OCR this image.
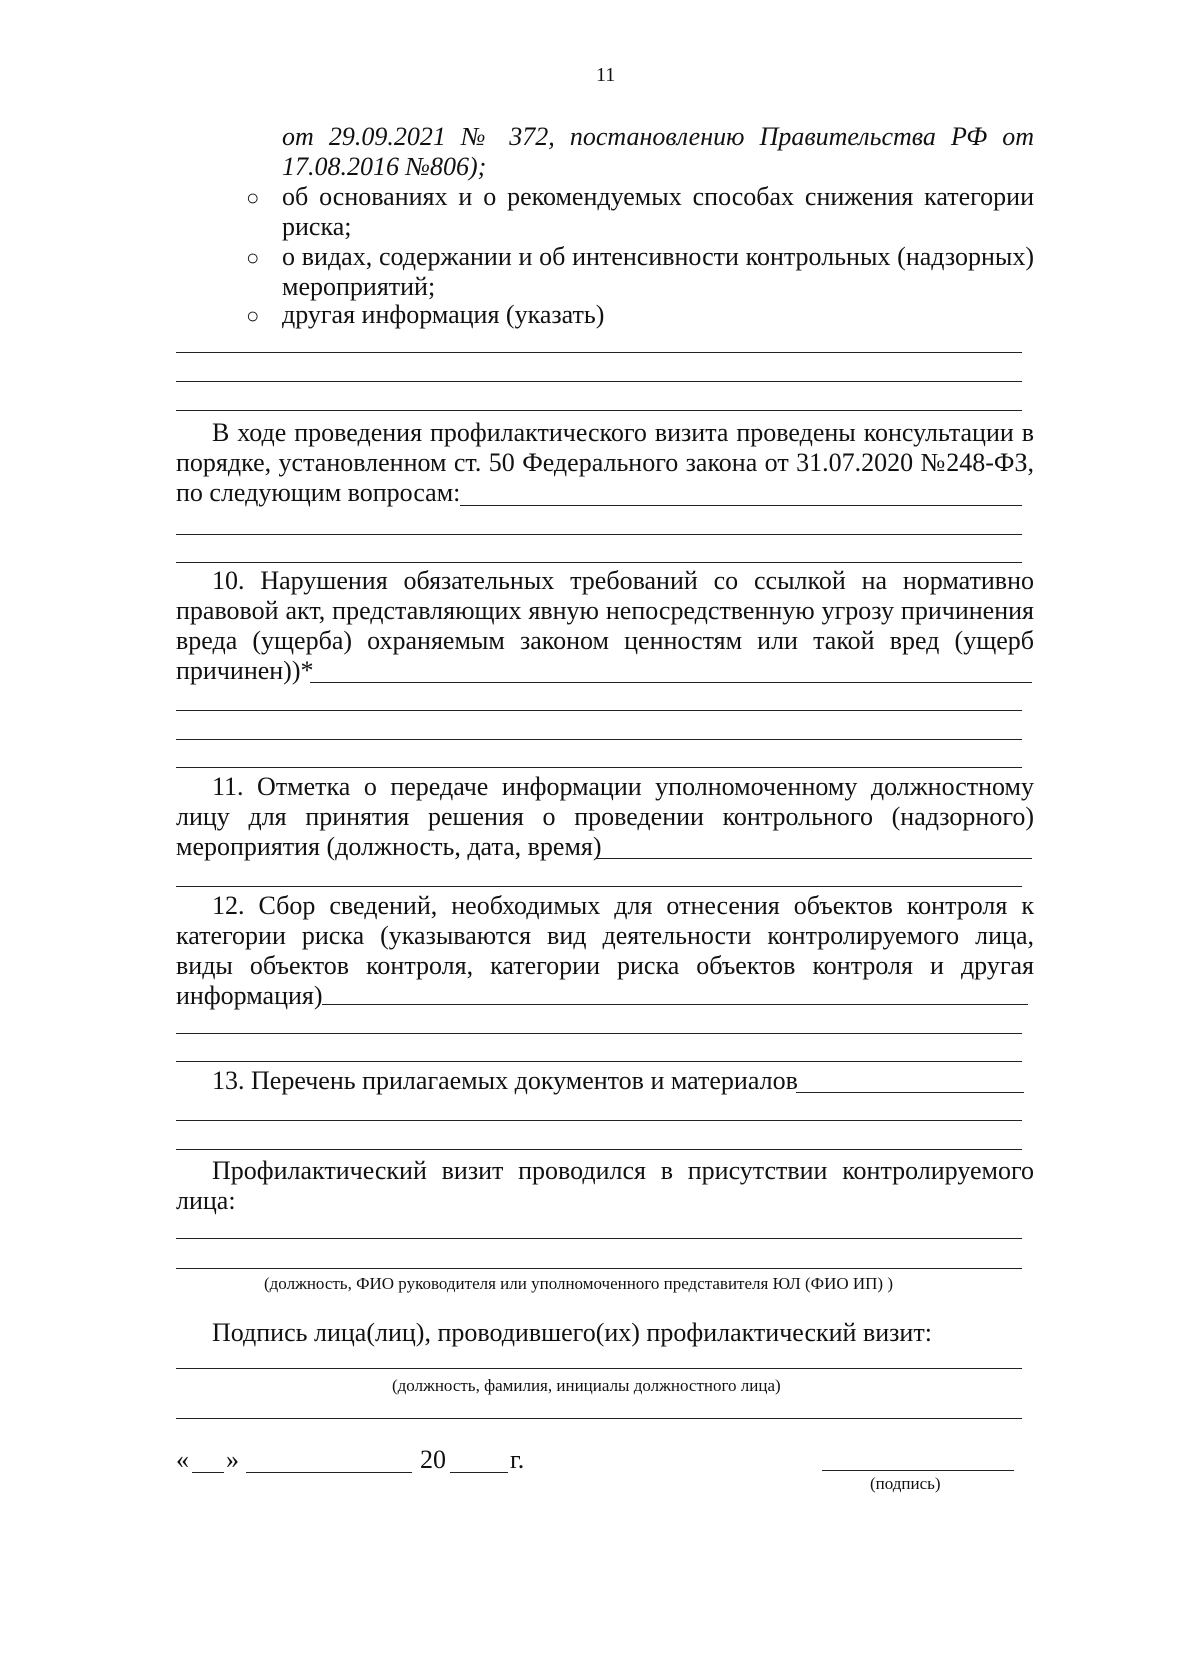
11
от 29.09.2021 № 372, постановлению Правительства РФ от
17.08.2016 №806);
○ об основаниях и о рекомендуемых способах снижения категории
риска;
○ о видах, содержании и об интенсивности контрольных (надзорных)
мероприятий;
○ другая информация (указать)
В ходе проведения профилактического визита проведены консультации в
порядке, установленном ст. 50 Федерального закона от 31.07.2020 №248-ФЗ,
по следующим вопросам:
10. Нарушения обязательных требований со ссылкой на нормативно
правовой акт, представляющих явную непосредственную угрозу причинения
вреда (ущерба) охраняемым законом ценностям или такой вред (ущерб
причинен))*
11. Отметка о передаче информации уполномоченному должностному
лицу для принятия решения о проведении контрольного (надзорного)
мероприятия (должность, дата, время)
12. Сбор сведений, необходимых для отнесения объектов контроля к
категории риска (указываются вид деятельности контролируемого лица,
виды объектов контроля, категории риска объектов контроля и другая
информация)
13. Перечень прилагаемых документов и материалов
Профилактический визит проводился в присутствии контролируемого
лица:
(должность, ФИО руководителя или уполномоченного представителя ЮЛ (ФИО ИП) )
Подпись лица(лиц), проводившего(их) профилактический визит:
(должность, фамилия, инициалы должностного лица)
« »	20 г.
(подпись)
